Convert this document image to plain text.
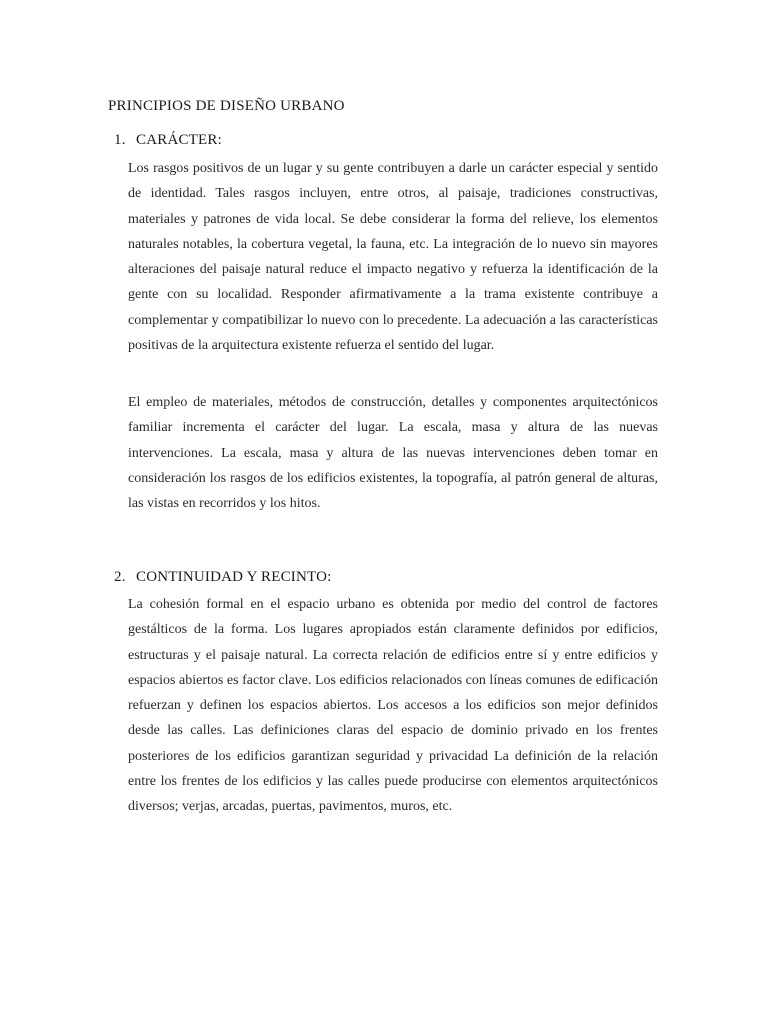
PRINCIPIOS DE DISEÑO URBANO
1. CARÁCTER:

Los rasgos positivos de un lugar y su gente contribuyen a darle un carácter especial y sentido de identidad. Tales rasgos incluyen, entre otros, al paisaje, tradiciones constructivas, materiales y patrones de vida local. Se debe considerar la forma del relieve, los elementos naturales notables, la cobertura vegetal, la fauna, etc. La integración de lo nuevo sin mayores alteraciones del paisaje natural reduce el impacto negativo y refuerza la identificación de la gente con su localidad. Responder afirmativamente a la trama existente contribuye a complementar y compatibilizar lo nuevo con lo precedente. La adecuación a las características positivas de la arquitectura existente refuerza el sentido del lugar.

El empleo de materiales, métodos de construcción, detalles y componentes arquitectónicos familiar incrementa el carácter del lugar. La escala, masa y altura de las nuevas intervenciones. La escala, masa y altura de las nuevas intervenciones deben tomar en consideración los rasgos de los edificios existentes, la topografía, al patrón general de alturas, las vistas en recorridos y los hitos.

2. CONTINUIDAD Y RECINTO:

La cohesión formal en el espacio urbano es obtenida por medio del control de factores gestálticos de la forma. Los lugares apropiados están claramente definidos por edificios, estructuras y el paisaje natural. La correcta relación de edificios entre sí y entre edificios y espacios abiertos es factor clave. Los edificios relacionados con líneas comunes de edificación refuerzan y definen los espacios abiertos. Los accesos a los edificios son mejor definidos desde las calles. Las definiciones claras del espacio de dominio privado en los frentes posteriores de los edificios garantizan seguridad y privacidad La definición de la relación entre los frentes de los edificios y las calles puede producirse con elementos arquitectónicos diversos; verjas, arcadas, puertas, pavimentos, muros, etc.
